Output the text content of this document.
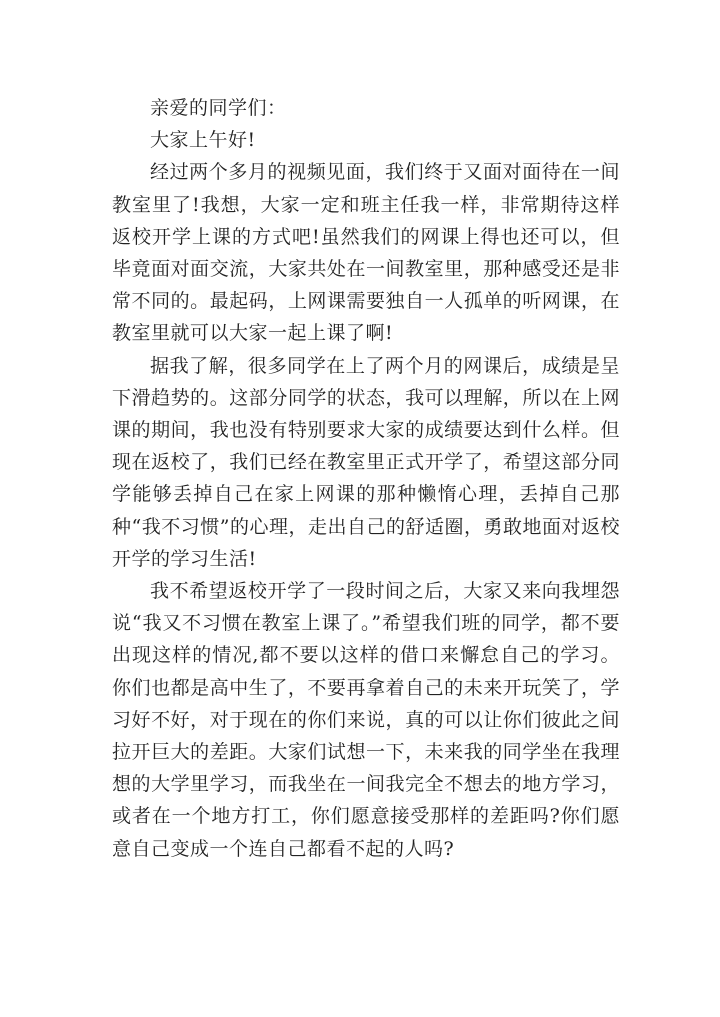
亲爱的同学们：

大家上午好!

经过两个多月的视频见面，我们终于又面对面待在一间教室里了!我想，大家一定和班主任我一样，非常期待这样返校开学上课的方式吧!虽然我们的网课上得也还可以，但毕竟面对面交流，大家共处在一间教室里，那种感受还是非常不同的。最起码，上网课需要独自一人孤单的听网课，在教室里就可以大家一起上课了啊!

据我了解，很多同学在上了两个月的网课后，成绩是呈下滑趋势的。这部分同学的状态，我可以理解，所以在上网课的期间，我也没有特别要求大家的成绩要达到什么样。但现在返校了，我们已经在教室里正式开学了，希望这部分同学能够丢掉自己在家上网课的那种懒惰心理，丢掉自己那种“我不习惯”的心理，走出自己的舒适圈，勇敢地面对返校开学的学习生活!

我不希望返校开学了一段时间之后，大家又来向我埋怨说“我又不习惯在教室上课了。”希望我们班的同学，都不要出现这样的情况,都不要以这样的借口来懈怠自己的学习。你们也都是高中生了，不要再拿着自己的未来开玩笑了，学习好不好，对于现在的你们来说，真的可以让你们彼此之间拉开巨大的差距。大家们试想一下，未来我的同学坐在我理想的大学里学习，而我坐在一间我完全不想去的地方学习，或者在一个地方打工，你们愿意接受那样的差距吗?你们愿意自己变成一个连自己都看不起的人吗?
